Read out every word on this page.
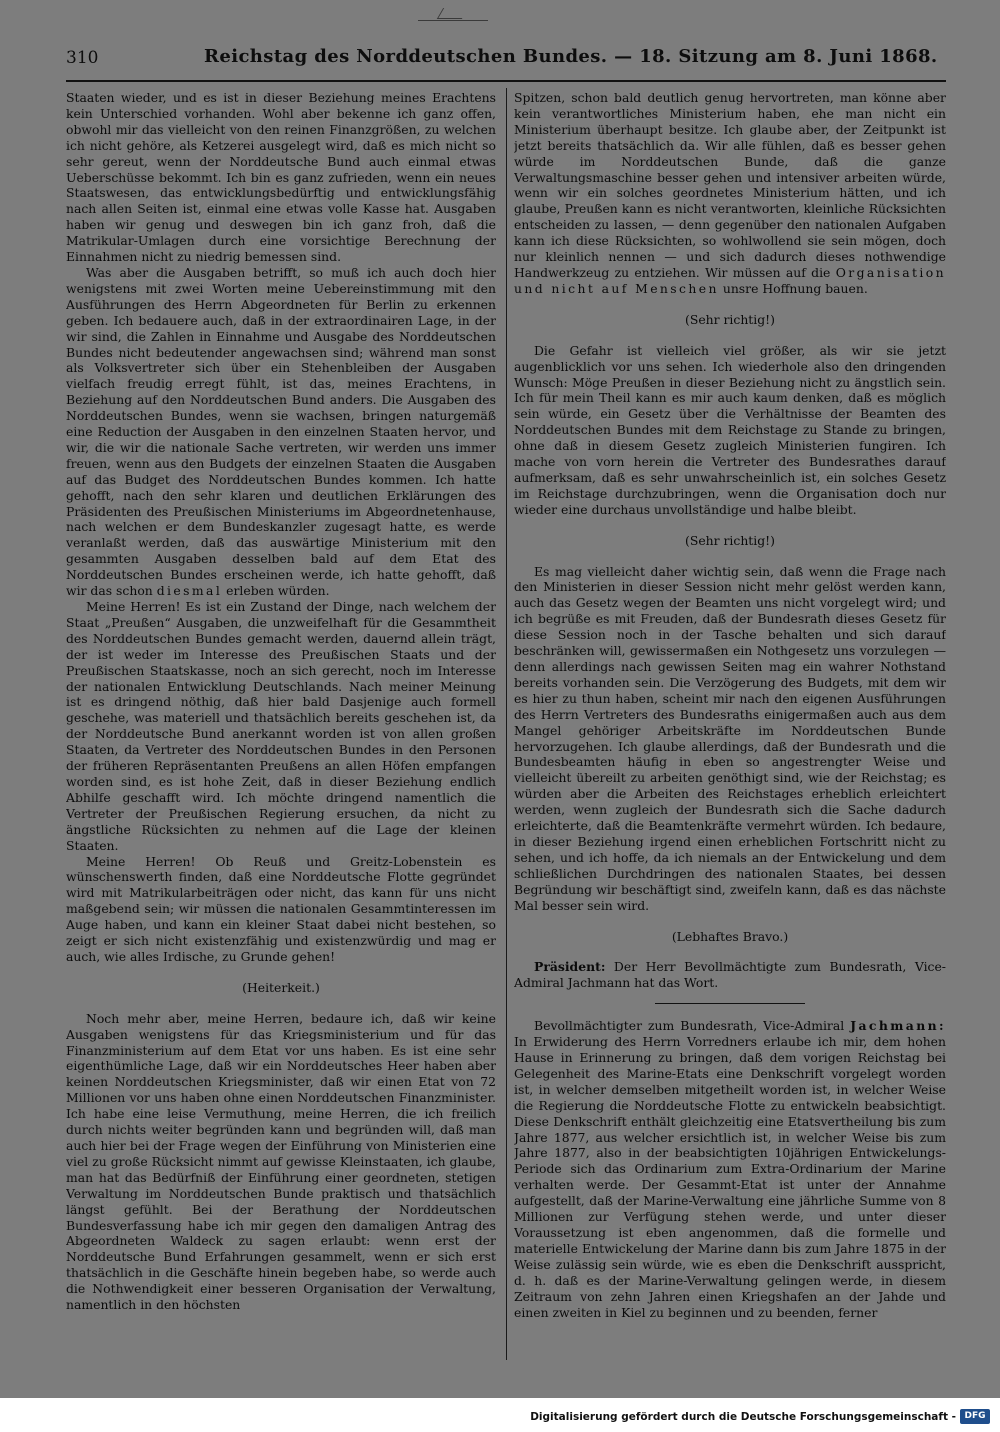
310	Reichstag des Norddeutschen Bundes. — 18. Sitzung am 8. Juni 1868.

Staaten wieder, und es ist in dieser Beziehung meines Erachtens kein Unterschied vorhanden. Wohl aber bekenne ich ganz offen, obwohl mir das vielleicht von den reinen Finanzgrößen, zu welchen ich nicht gehöre, als Ketzerei ausgelegt wird, daß es mich nicht so sehr gereut, wenn der Norddeutsche Bund auch einmal etwas Ueberschüsse bekommt. Ich bin es ganz zufrieden, wenn ein neues Staatswesen, das entwicklungsbedürftig und entwicklungsfähig nach allen Seiten ist, einmal eine etwas volle Kasse hat. Ausgaben haben wir genug und deswegen bin ich ganz froh, daß die Matrikular-Umlagen durch eine vorsichtige Berechnung der Einnahmen nicht zu niedrig bemessen sind.

Was aber die Ausgaben betrifft, so muß ich auch doch hier wenigstens mit zwei Worten meine Uebereinstimmung mit den Ausführungen des Herrn Abgeordneten für Berlin zu erkennen geben. Ich bedauere auch, daß in der extraordinairen Lage, in der wir sind, die Zahlen in Einnahme und Ausgabe des Norddeutschen Bundes nicht bedeutender angewachsen sind; während man sonst als Volksvertreter sich über ein Stehenbleiben der Ausgaben vielfach freudig erregt fühlt, ist das, meines Erachtens, in Beziehung auf den Norddeutschen Bund anders. Die Ausgaben des Norddeutschen Bundes, wenn sie wachsen, bringen naturgemäß eine Reduction der Ausgaben in den einzelnen Staaten hervor, und wir, die wir die nationale Sache vertreten, wir werden uns immer freuen, wenn aus den Budgets der einzelnen Staaten die Ausgaben auf das Budget des Norddeutschen Bundes kommen. Ich hatte gehofft, nach den sehr klaren und deutlichen Erklärungen des Präsidenten des Preußischen Ministeriums im Abgeordnetenhause, nach welchen er dem Bundeskanzler zugesagt hatte, es werde veranlaßt werden, daß das auswärtige Ministerium mit den gesammten Ausgaben desselben bald auf dem Etat des Norddeutschen Bundes erscheinen werde, ich hatte gehofft, daß wir das schon diesmal erleben würden.

Meine Herren! Es ist ein Zustand der Dinge, nach welchem der Staat „Preußen“ Ausgaben, die unzweifelhaft für die Gesammtheit des Norddeutschen Bundes gemacht werden, dauernd allein trägt, der ist weder im Interesse des Preußischen Staats und der Preußischen Staatskasse, noch an sich gerecht, noch im Interesse der nationalen Entwicklung Deutschlands. Nach meiner Meinung ist es dringend nöthig, daß hier bald Dasjenige auch formell geschehe, was materiell und thatsächlich bereits geschehen ist, da der Norddeutsche Bund anerkannt worden ist von allen großen Staaten, da Vertreter des Norddeutschen Bundes in den Personen der früheren Repräsentanten Preußens an allen Höfen empfangen worden sind, es ist hohe Zeit, daß in dieser Beziehung endlich Abhilfe geschafft wird. Ich möchte dringend namentlich die Vertreter der Preußischen Regierung ersuchen, da nicht zu ängstliche Rücksichten zu nehmen auf die Lage der kleinen Staaten.

Meine Herren! Ob Reuß und Greitz-Lobenstein es wünschenswerth finden, daß eine Norddeutsche Flotte gegründet wird mit Matrikularbeiträgen oder nicht, das kann für uns nicht maßgebend sein; wir müssen die nationalen Gesammtinteressen im Auge haben, und kann ein kleiner Staat dabei nicht bestehen, so zeigt er sich nicht existenzfähig und existenzwürdig und mag er auch, wie alles Irdische, zu Grunde gehen!

(Heiterkeit.)

Noch mehr aber, meine Herren, bedaure ich, daß wir keine Ausgaben wenigstens für das Kriegsministerium und für das Finanzministerium auf dem Etat vor uns haben. Es ist eine sehr eigenthümliche Lage, daß wir ein Norddeutsches Heer haben aber keinen Norddeutschen Kriegsminister, daß wir einen Etat von 72 Millionen vor uns haben ohne einen Norddeutschen Finanzminister. Ich habe eine leise Vermuthung, meine Herren, die ich freilich durch nichts weiter begründen kann und begründen will, daß man auch hier bei der Frage wegen der Einführung von Ministerien eine viel zu große Rücksicht nimmt auf gewisse Kleinstaaten, ich glaube, man hat das Bedürfniß der Einführung einer geordneten, stetigen Verwaltung im Norddeutschen Bunde praktisch und thatsächlich längst gefühlt. Bei der Berathung der Norddeutschen Bundesverfassung habe ich mir gegen den damaligen Antrag des Abgeordneten Waldeck zu sagen erlaubt: wenn erst der Norddeutsche Bund Erfahrungen gesammelt, wenn er sich erst thatsächlich in die Geschäfte hinein begeben habe, so werde auch die Nothwendigkeit einer besseren Organisation der Verwaltung, namentlich in den höchsten

Spitzen, schon bald deutlich genug hervortreten, man könne aber kein verantwortliches Ministerium haben, ehe man nicht ein Ministerium überhaupt besitze. Ich glaube aber, der Zeitpunkt ist jetzt bereits thatsächlich da. Wir alle fühlen, daß es besser gehen würde im Norddeutschen Bunde, daß die ganze Verwaltungsmaschine besser gehen und intensiver arbeiten würde, wenn wir ein solches geordnetes Ministerium hätten, und ich glaube, Preußen kann es nicht verantworten, kleinliche Rücksichten entscheiden zu lassen, — denn gegenüber den nationalen Aufgaben kann ich diese Rücksichten, so wohlwollend sie sein mögen, doch nur kleinlich nennen — und sich dadurch dieses nothwendige Handwerkzeug zu entziehen. Wir müssen auf die Organisation und nicht auf Menschen unsre Hoffnung bauen.

(Sehr richtig!)

Die Gefahr ist vielleich viel größer, als wir sie jetzt augenblicklich vor uns sehen. Ich wiederhole also den dringenden Wunsch: Möge Preußen in dieser Beziehung nicht zu ängstlich sein. Ich für mein Theil kann es mir auch kaum denken, daß es möglich sein würde, ein Gesetz über die Verhältnisse der Beamten des Norddeutschen Bundes mit dem Reichstage zu Stande zu bringen, ohne daß in diesem Gesetz zugleich Ministerien fungiren. Ich mache von vorn herein die Vertreter des Bundesrathes darauf aufmerksam, daß es sehr unwahrscheinlich ist, ein solches Gesetz im Reichstage durchzubringen, wenn die Organisation doch nur wieder eine durchaus unvollständige und halbe bleibt.

(Sehr richtig!)

Es mag vielleicht daher wichtig sein, daß wenn die Frage nach den Ministerien in dieser Session nicht mehr gelöst werden kann, auch das Gesetz wegen der Beamten uns nicht vorgelegt wird; und ich begrüße es mit Freuden, daß der Bundesrath dieses Gesetz für diese Session noch in der Tasche behalten und sich darauf beschränken will, gewissermaßen ein Nothgesetz uns vorzulegen — denn allerdings nach gewissen Seiten mag ein wahrer Nothstand bereits vorhanden sein. Die Verzögerung des Budgets, mit dem wir es hier zu thun haben, scheint mir nach den eigenen Ausführungen des Herrn Vertreters des Bundesraths einigermaßen auch aus dem Mangel gehöriger Arbeitskräfte im Norddeutschen Bunde hervorzugehen. Ich glaube allerdings, daß der Bundesrath und die Bundesbeamten häufig in eben so angestrengter Weise und vielleicht übereilt zu arbeiten genöthigt sind, wie der Reichstag; es würden aber die Arbeiten des Reichstages erheblich erleichtert werden, wenn zugleich der Bundesrath sich die Sache dadurch erleichterte, daß die Beamtenkräfte vermehrt würden. Ich bedaure, in dieser Beziehung irgend einen erheblichen Fortschritt nicht zu sehen, und ich hoffe, da ich niemals an der Entwickelung und dem schließlichen Durchdringen des nationalen Staates, bei dessen Begründung wir beschäftigt sind, zweifeln kann, daß es das nächste Mal besser sein wird.

(Lebhaftes Bravo.)

Präsident: Der Herr Bevollmächtigte zum Bundesrath, Vice-Admiral Jachmann hat das Wort.

Bevollmächtigter zum Bundesrath, Vice-Admiral Jachmann: In Erwiderung des Herrn Vorredners erlaube ich mir, dem hohen Hause in Erinnerung zu bringen, daß dem vorigen Reichstag bei Gelegenheit des Marine-Etats eine Denkschrift vorgelegt worden ist, in welcher demselben mitgetheilt worden ist, in welcher Weise die Regierung die Norddeutsche Flotte zu entwickeln beabsichtigt. Diese Denkschrift enthält gleichzeitig eine Etatsvertheilung bis zum Jahre 1877, aus welcher ersichtlich ist, in welcher Weise bis zum Jahre 1877, also in der beabsichtigten 10jährigen Entwickelungs-Periode sich das Ordinarium zum Extra-Ordinarium der Marine verhalten werde. Der Gesammt-Etat ist unter der Annahme aufgestellt, daß der Marine-Verwaltung eine jährliche Summe von 8 Millionen zur Verfügung stehen werde, und unter dieser Voraussetzung ist eben angenommen, daß die formelle und materielle Entwickelung der Marine dann bis zum Jahre 1875 in der Weise zulässig sein würde, wie es eben die Denkschrift ausspricht, d. h. daß es der Marine-Verwaltung gelingen werde, in diesem Zeitraum von zehn Jahren einen Kriegshafen an der Jahde und einen zweiten in Kiel zu beginnen und zu beenden, ferner

Digitalisierung gefördert durch die Deutsche Forschungsgemeinschaft - DFG
